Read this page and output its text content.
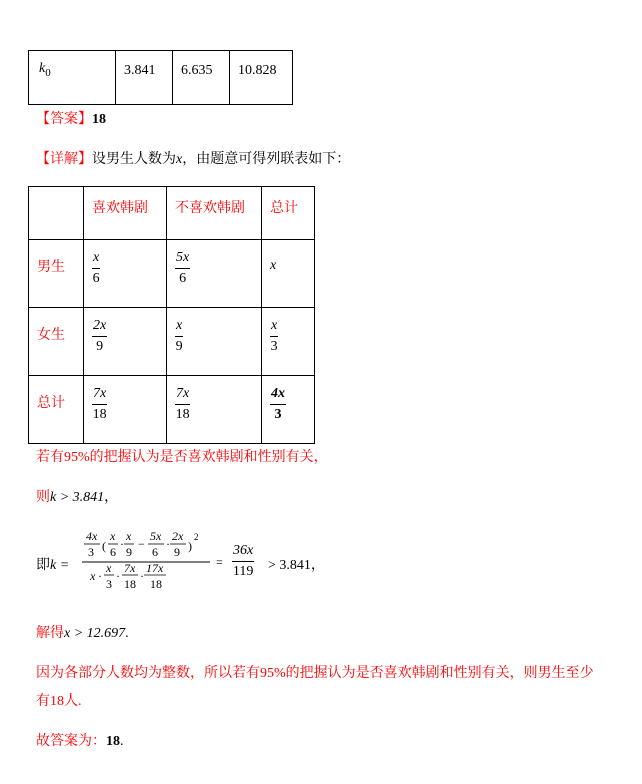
$k_0$	3.841	6.635	10.828
【答案】18
【详解】设男生人数为x，由题意可得列联表如下：

	喜欢韩剧	不喜欢韩剧	总计

男生	$\frac{x}{6}$	$\frac{5x}{6}$	x

女生	$\frac{2x}{9}$	$\frac{x}{9}$	$\frac{x}{3}$

总计	$\frac{7x}{18}$	$\frac{7x}{18}$	$\frac{4x}{3}$
若有95%的把握认为是否喜欢韩剧和性别有关，
则k > 3.841，
即k =
4x
3 (
x
6
·
x
9
−
5x
6
·
2x
9 )
2
x ·
x
3
·
7x
18
·
17x
18
= $\frac{36x}{119} > 3.841$，
解得x > 12.697.
因为各部分人数均为整数，所以若有95%的把握认为是否喜欢韩剧和性别有关，则男生至少
有18人.
故答案为：18.
